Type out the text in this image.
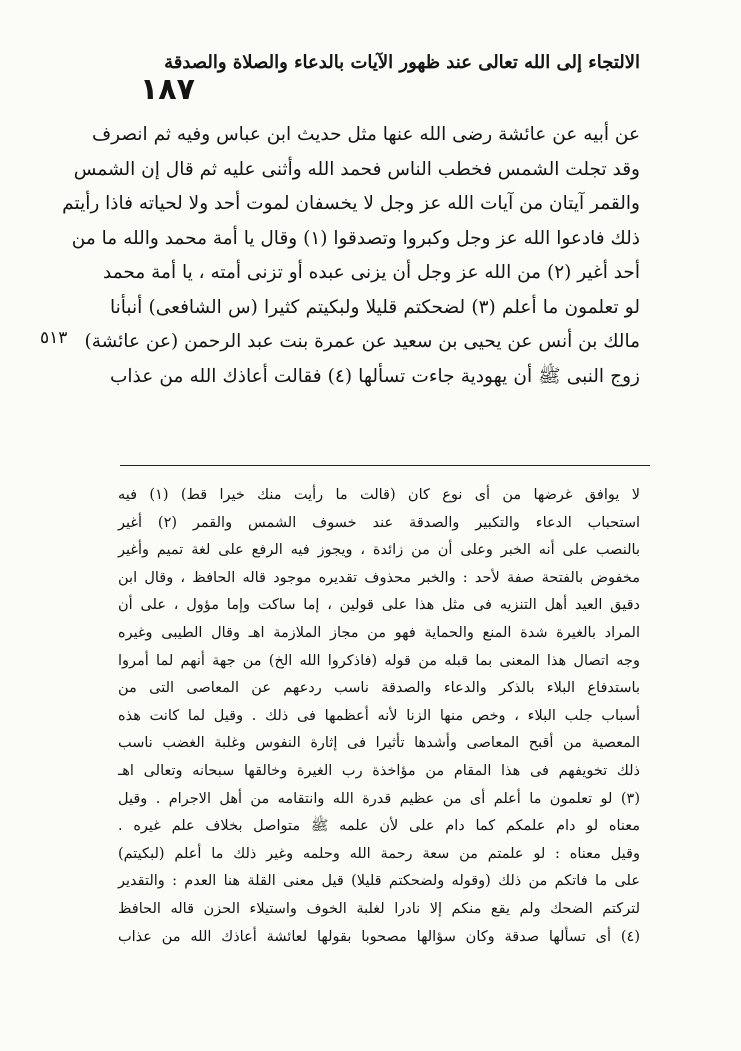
الالتجاء إلى الله تعالى عند ظهور الآيات بالدعاء والصلاة والصدقة
١٨٧
عن أبيه عن عائشة رضى الله عنها مثل حديث ابن عباس وفيه ثم انصرف
وقد تجلت الشمس فخطب الناس فحمد الله وأثنى عليه ثم قال إن الشمس
والقمر آيتان من آيات الله عز وجل لا يخسفان لموت أحد ولا لحياته فاذا رأيتم
ذلك فادعوا الله عز وجل وكبروا وتصدقوا (١) وقال يا أمة محمد والله ما من
أحد أغير (٢) من الله عز وجل أن يزنى عبده أو تزنى أمته ، يا أمة محمد
لو تعلمون ما أعلم (٣) لضحكتم قليلا ولبكيتم كثيرا (س الشافعى) أنبأنا
مالك بن أنس عن يحيى بن سعيد عن عمرة بنت عبد الرحمن (عن عائشة)
زوج النبى ﷺ أن يهودية جاءت تسألها (٤) فقالت أعاذك الله من عذاب
٥١٣
لا يوافق غرضها من أى نوع كان (قالت ما رأيت منك خيرا قط) (١) فيه
استحباب الدعاء والتكبير والصدقة عند خسوف الشمس والقمر (٢) أغير
بالنصب على أنه الخبر وعلى أن من زائدة ، ويجوز فيه الرفع على لغة تميم وأغير
مخفوض بالفتحة صفة لأحد : والخبر محذوف تقديره موجود قاله الحافظ ، وقال ابن
دقيق العيد أهل التنزيه فى مثل هذا على قولين ، إما ساكت وإما مؤول ، على أن
المراد بالغيرة شدة المنع والحماية فهو من مجاز الملازمة اهـ وقال الطيبى وغيره
وجه اتصال هذا المعنى بما قبله من قوله (فاذكروا الله الخ) من جهة أنهم لما أمروا
باستدفاع البلاء بالذكر والدعاء والصدقة ناسب ردعهم عن المعاصى التى من
أسباب جلب البلاء ، وخص منها الزنا لأنه أعظمها فى ذلك . وقيل لما كانت هذه
المعصية من أقبح المعاصى وأشدها تأثيرا فى إثارة النفوس وغلبة الغضب ناسب
ذلك تخويفهم فى هذا المقام من مؤاخذة رب الغيرة وخالقها سبحانه وتعالى اهـ
(٣) لو تعلمون ما أعلم أى من عظيم قدرة الله وانتقامه من أهل الاجرام . وقيل
معناه لو دام علمكم كما دام على لأن علمه ﷺ متواصل بخلاف علم غيره .
وقيل معناه : لو علمتم من سعة رحمة الله وحلمه وغير ذلك ما أعلم (لبكيتم)
على ما فاتكم من ذلك (وقوله ولضحكتم قليلا) قيل معنى القلة هنا العدم : والتقدير
لتركتم الضحك ولم يقع منكم إلا نادرا لغلبة الخوف واستيلاء الحزن قاله الحافظ
(٤) أى تسألها صدقة وكان سؤالها مصحوبا بقولها لعائشة أعاذك الله من عذاب
